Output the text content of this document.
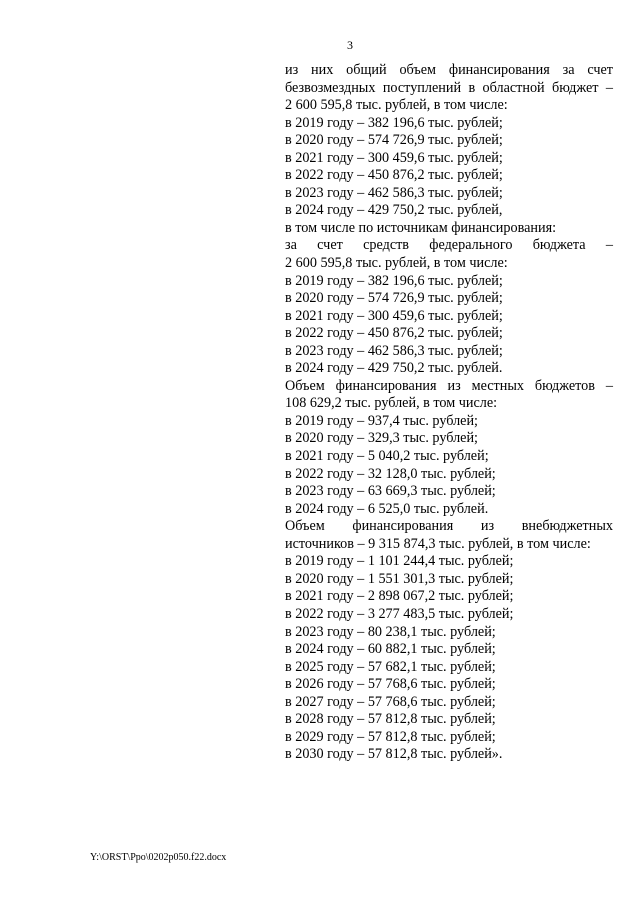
3
из них общий объем финансирования за счет
безвозмездных поступлений в областной бюджет –
2 600 595,8 тыс. рублей, в том числе:
в 2019 году – 382 196,6 тыс. рублей;
в 2020 году – 574 726,9 тыс. рублей;
в 2021 году – 300 459,6 тыс. рублей;
в 2022 году – 450 876,2 тыс. рублей;
в 2023 году – 462 586,3 тыс. рублей;
в 2024 году – 429 750,2 тыс. рублей,
в том числе по источникам финансирования:
за счет средств федерального бюджета –
2 600 595,8 тыс. рублей, в том числе:
в 2019 году – 382 196,6 тыс. рублей;
в 2020 году – 574 726,9 тыс. рублей;
в 2021 году – 300 459,6 тыс. рублей;
в 2022 году – 450 876,2 тыс. рублей;
в 2023 году – 462 586,3 тыс. рублей;
в 2024 году – 429 750,2 тыс. рублей.
Объем финансирования из местных бюджетов –
108 629,2 тыс. рублей, в том числе:
в 2019 году – 937,4 тыс. рублей;
в 2020 году – 329,3 тыс. рублей;
в 2021 году – 5 040,2 тыс. рублей;
в 2022 году – 32 128,0 тыс. рублей;
в 2023 году – 63 669,3 тыс. рублей;
в 2024 году – 6 525,0 тыс. рублей.
Объем финансирования из внебюджетных
источников – 9 315 874,3 тыс. рублей, в том числе:
в 2019 году – 1 101 244,4 тыс. рублей;
в 2020 году – 1 551 301,3 тыс. рублей;
в 2021 году – 2 898 067,2 тыс. рублей;
в 2022 году – 3 277 483,5 тыс. рублей;
в 2023 году – 80 238,1 тыс. рублей;
в 2024 году – 60 882,1 тыс. рублей;
в 2025 году – 57 682,1 тыс. рублей;
в 2026 году – 57 768,6 тыс. рублей;
в 2027 году – 57 768,6 тыс. рублей;
в 2028 году – 57 812,8 тыс. рублей;
в 2029 году – 57 812,8 тыс. рублей;
в 2030 году – 57 812,8 тыс. рублей».
Y:\ORST\Ppo\0202p050.f22.docx
